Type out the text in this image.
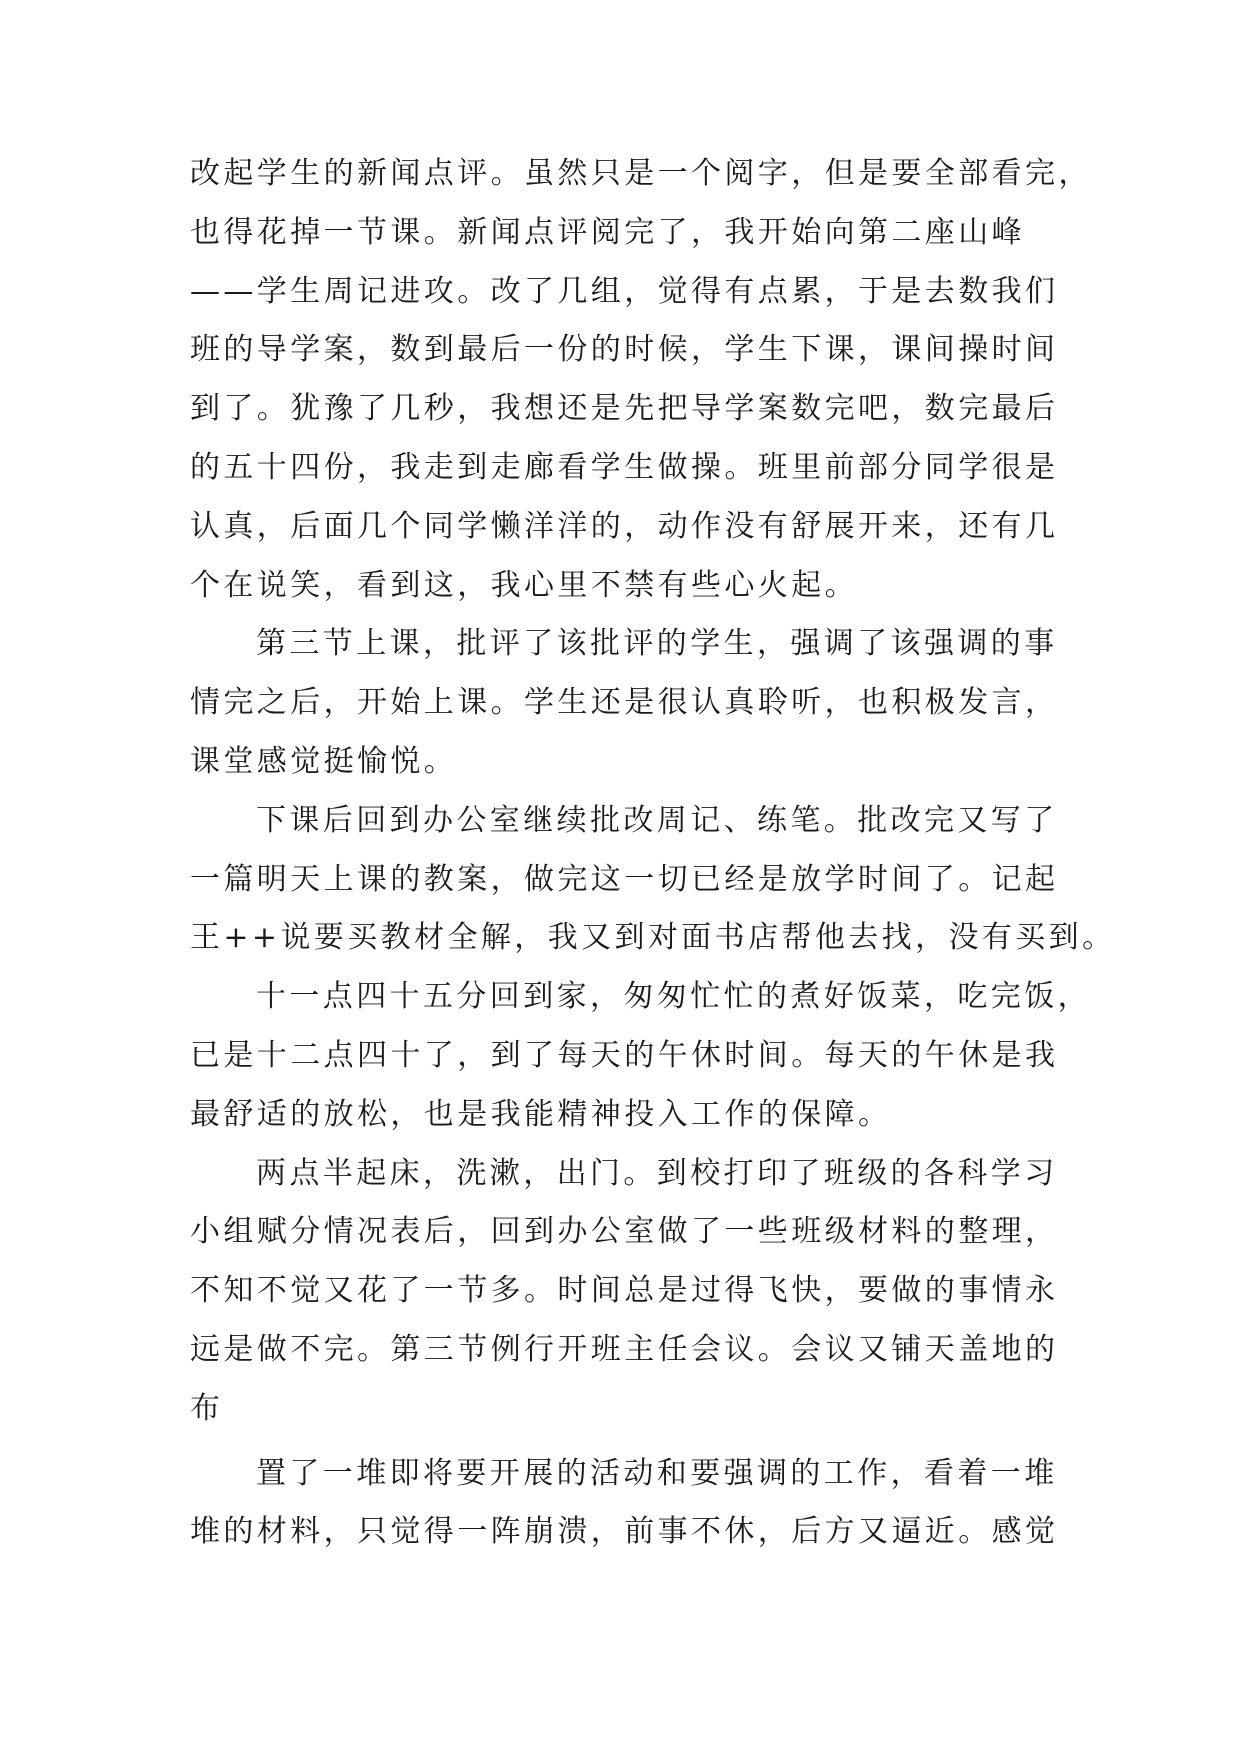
改起学生的新闻点评。虽然只是一个阅字，但是要全部看完，
也得花掉一节课。新闻点评阅完了，我开始向第二座山峰
——学生周记进攻。改了几组，觉得有点累，于是去数我们
班的导学案，数到最后一份的时候，学生下课，课间操时间
到了。犹豫了几秒，我想还是先把导学案数完吧，数完最后
的五十四份，我走到走廊看学生做操。班里前部分同学很是
认真，后面几个同学懒洋洋的，动作没有舒展开来，还有几
个在说笑，看到这，我心里不禁有些心火起。
第三节上课，批评了该批评的学生，强调了该强调的事
情完之后，开始上课。学生还是很认真聆听，也积极发言，
课堂感觉挺愉悦。
下课后回到办公室继续批改周记、练笔。批改完又写了
一篇明天上课的教案，做完这一切已经是放学时间了。记起
王++说要买教材全解，我又到对面书店帮他去找，没有买到。
十一点四十五分回到家，匆匆忙忙的煮好饭菜，吃完饭，
已是十二点四十了，到了每天的午休时间。每天的午休是我
最舒适的放松，也是我能精神投入工作的保障。
两点半起床，洗漱，出门。到校打印了班级的各科学习
小组赋分情况表后，回到办公室做了一些班级材料的整理，
不知不觉又花了一节多。时间总是过得飞快，要做的事情永
远是做不完。第三节例行开班主任会议。会议又铺天盖地的
布
置了一堆即将要开展的活动和要强调的工作，看着一堆
堆的材料，只觉得一阵崩溃，前事不休，后方又逼近。感觉
